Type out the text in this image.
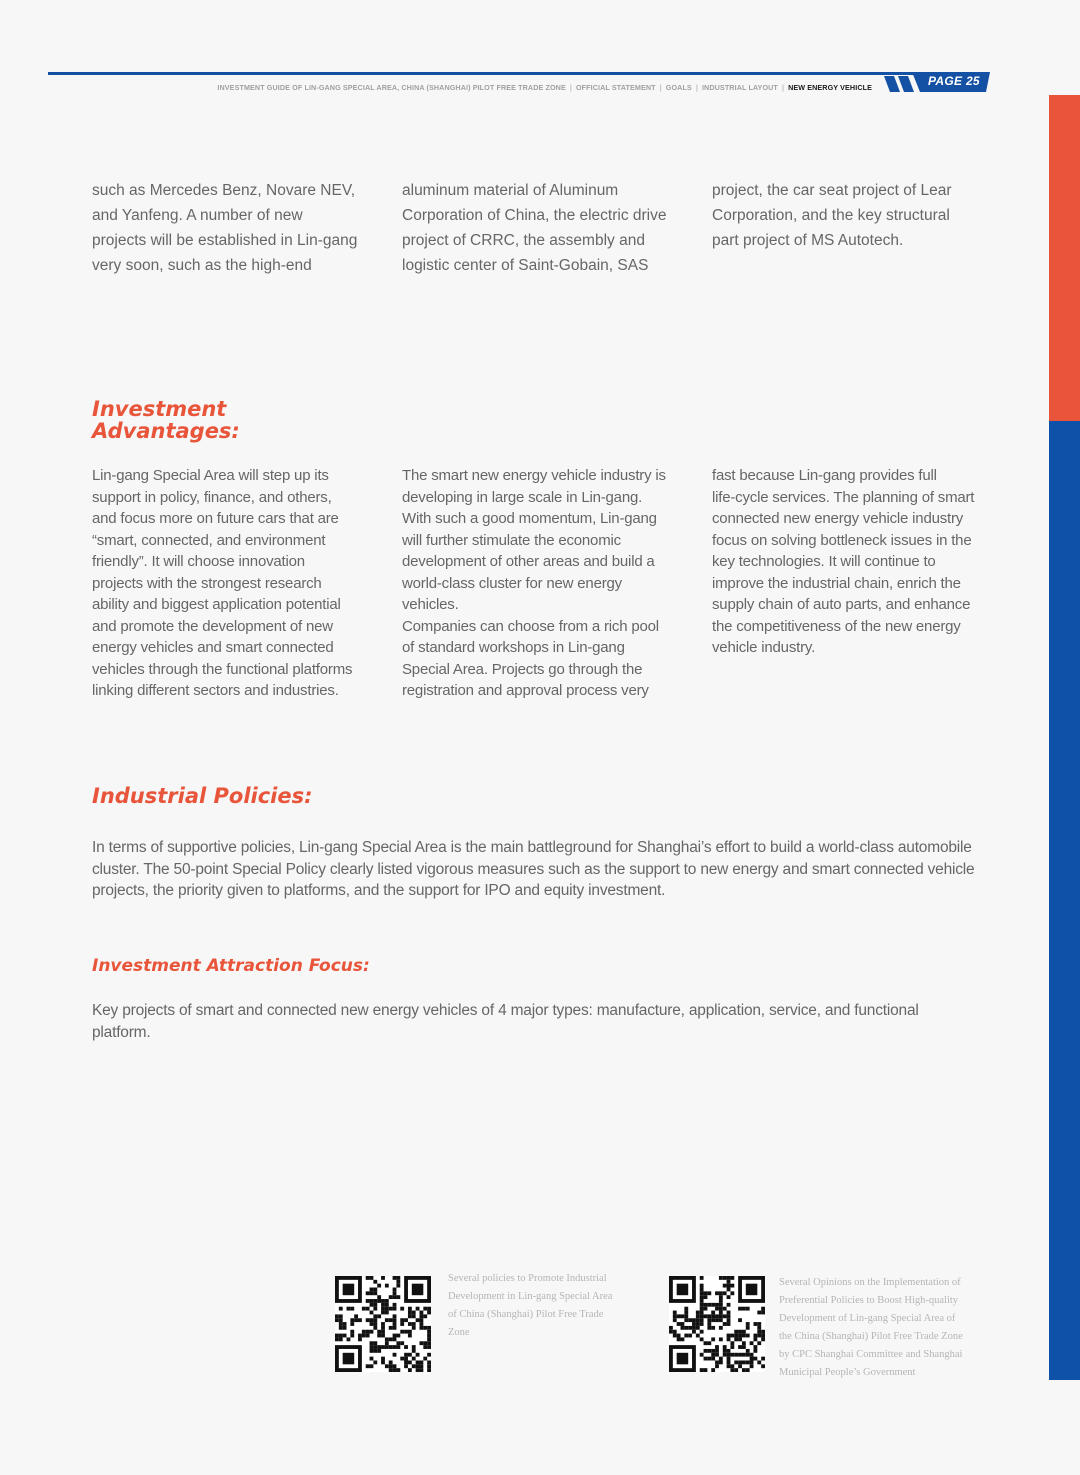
INVESTMENT GUIDE OF LIN-GANG SPECIAL AREA, CHINA (SHANGHAI) PILOT FREE TRADE ZONE | OFFICIAL STATEMENT | GOALS | INDUSTRIAL LAYOUT | NEW ENERGY VEHICLE	PAGE 25
such as Mercedes Benz, Novare NEV,
and Yanfeng. A number of new
projects will be established in Lin-gang
very soon, such as the high-end
aluminum material of Aluminum
Corporation of China, the electric drive
project of CRRC, the assembly and
logistic center of Saint-Gobain, SAS
project, the car seat project of Lear
Corporation, and the key structural
part project of MS Autotech.
Investment
Advantages:
Lin-gang Special Area will step up its
support in policy, finance, and others,
and focus more on future cars that are
“smart, connected, and environment
friendly”. It will choose innovation
projects with the strongest research
ability and biggest application potential
and promote the development of new
energy vehicles and smart connected
vehicles through the functional platforms
linking different sectors and industries.
The smart new energy vehicle industry is
developing in large scale in Lin-gang.
With such a good momentum, Lin-gang
will further stimulate the economic
development of other areas and build a
world-class cluster for new energy
vehicles.
Companies can choose from a rich pool
of standard workshops in Lin-gang
Special Area. Projects go through the
registration and approval process very
fast because Lin-gang provides full
life-cycle services. The planning of smart
connected new energy vehicle industry
focus on solving bottleneck issues in the
key technologies. It will continue to
improve the industrial chain, enrich the
supply chain of auto parts, and enhance
the competitiveness of the new energy
vehicle industry.
Industrial Policies:
In terms of supportive policies, Lin-gang Special Area is the main battleground for Shanghai’s effort to build a world-class automobile
cluster. The 50-point Special Policy clearly listed vigorous measures such as the support to new energy and smart connected vehicle
projects, the priority given to platforms, and the support for IPO and equity investment.
Investment Attraction Focus:
Key projects of smart and connected new energy vehicles of 4 major types: manufacture, application, service, and functional
platform.
Several policies to Promote Industrial
Development in Lin-gang Special Area
of China (Shanghai) Pilot Free Trade
Zone
Several Opinions on the Implementation of
Preferential Policies to Boost High-quality
Development of Lin-gang Special Area of
the China (Shanghai) Pilot Free Trade Zone
by CPC Shanghai Committee and Shanghai
Municipal People’s Government
